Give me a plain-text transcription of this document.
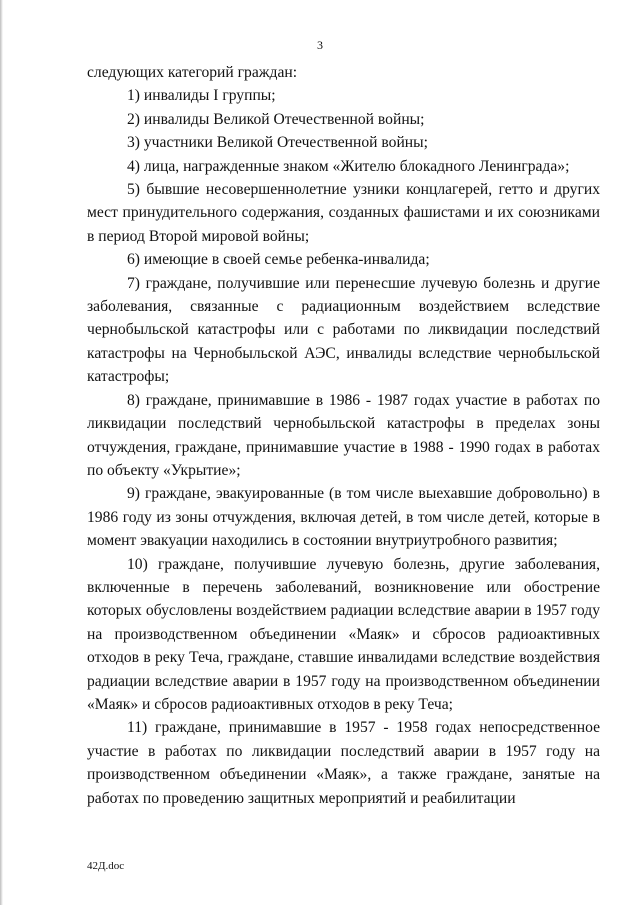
3

следующих категорий граждан:

1) инвалиды I группы;

2) инвалиды Великой Отечественной войны;

3) участники Великой Отечественной войны;

4) лица, награжденные знаком «Жителю блокадного Ленинграда»;

5) бывшие несовершеннолетние узники концлагерей, гетто и других мест принудительного содержания, созданных фашистами и их союзниками в период Второй мировой войны;

6) имеющие в своей семье ребенка-инвалида;

7) граждане, получившие или перенесшие лучевую болезнь и другие заболевания, связанные с радиационным воздействием вследствие чернобыльской катастрофы или с работами по ликвидации последствий катастрофы на Чернобыльской АЭС, инвалиды вследствие чернобыльской катастрофы;

8) граждане, принимавшие в 1986 - 1987 годах участие в работах по ликвидации последствий чернобыльской катастрофы в пределах зоны отчуждения, граждане, принимавшие участие в 1988 - 1990 годах в работах по объекту «Укрытие»;

9) граждане, эвакуированные (в том числе выехавшие добровольно) в 1986 году из зоны отчуждения, включая детей, в том числе детей, которые в момент эвакуации находились в состоянии внутриутробного развития;

10) граждане, получившие лучевую болезнь, другие заболевания, включенные в перечень заболеваний, возникновение или обострение которых обусловлены воздействием радиации вследствие аварии в 1957 году на производственном объединении «Маяк» и сбросов радиоактивных отходов в реку Теча, граждане, ставшие инвалидами вследствие воздействия радиации вследствие аварии в 1957 году на производственном объединении «Маяк» и сбросов радиоактивных отходов в реку Теча;

11) граждане, принимавшие в 1957 - 1958 годах непосредственное участие в работах по ликвидации последствий аварии в 1957 году на производственном объединении «Маяк», а также граждане, занятые на работах по проведению защитных мероприятий и реабилитации

42Д.doc
